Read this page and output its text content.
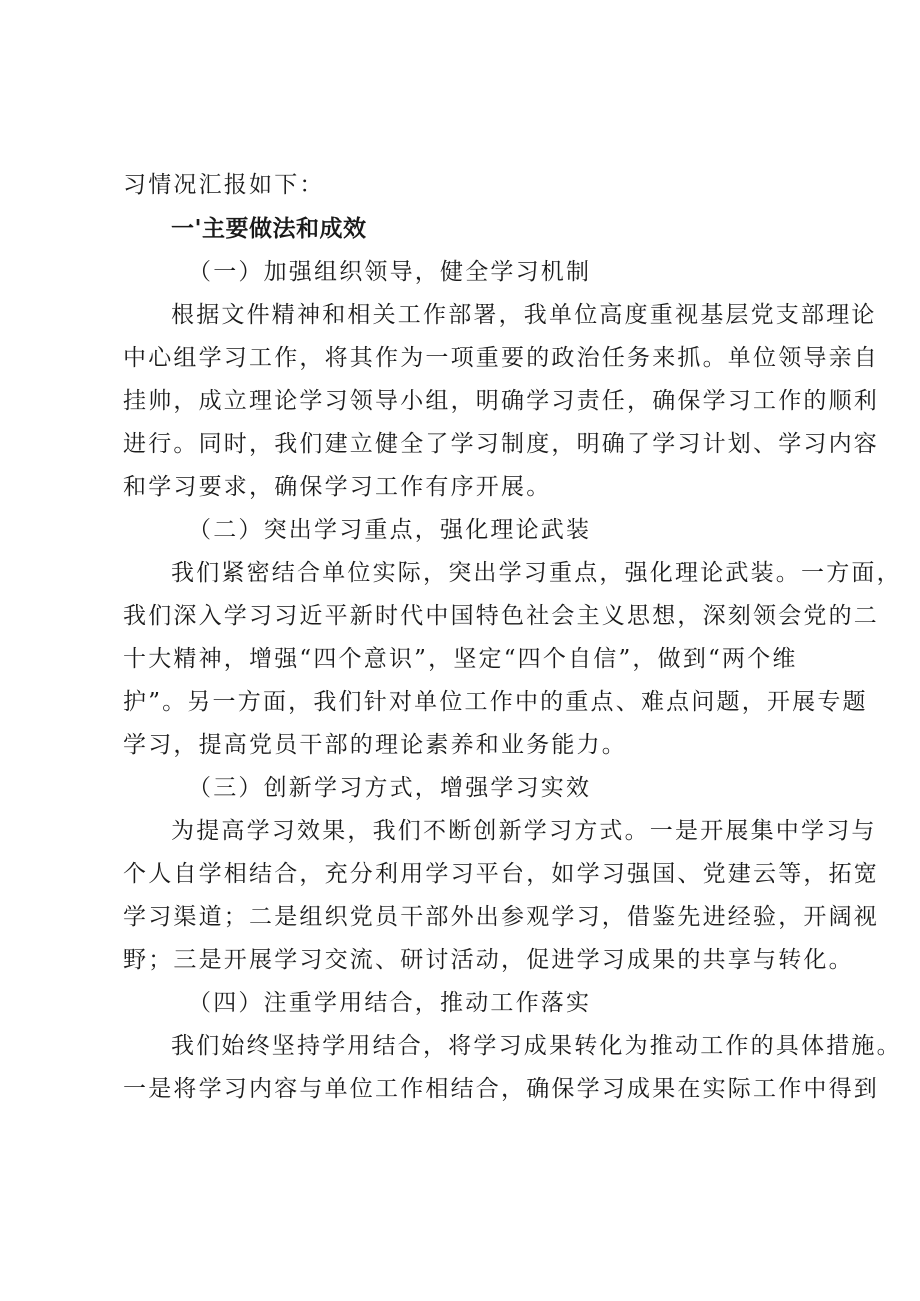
习情况汇报如下：
一'主要做法和成效
（一）加强组织领导，健全学习机制
根据文件精神和相关工作部署，我单位高度重视基层党支部理论
中心组学习工作，将其作为一项重要的政治任务来抓。单位领导亲自
挂帅，成立理论学习领导小组，明确学习责任，确保学习工作的顺利
进行。同时，我们建立健全了学习制度，明确了学习计划、学习内容
和学习要求，确保学习工作有序开展。
（二）突出学习重点，强化理论武装
我们紧密结合单位实际，突出学习重点，强化理论武装。一方面，
我们深入学习习近平新时代中国特色社会主义思想，深刻领会党的二
十大精神，增强“四个意识”，坚定“四个自信”，做到“两个维
护”。另一方面，我们针对单位工作中的重点、难点问题，开展专题
学习，提高党员干部的理论素养和业务能力。
（三）创新学习方式，增强学习实效
为提高学习效果，我们不断创新学习方式。一是开展集中学习与
个人自学相结合，充分利用学习平台，如学习强国、党建云等，拓宽
学习渠道；二是组织党员干部外出参观学习，借鉴先进经验，开阔视
野；三是开展学习交流、研讨活动，促进学习成果的共享与转化。
（四）注重学用结合，推动工作落实
我们始终坚持学用结合，将学习成果转化为推动工作的具体措施。
一是将学习内容与单位工作相结合，确保学习成果在实际工作中得到
